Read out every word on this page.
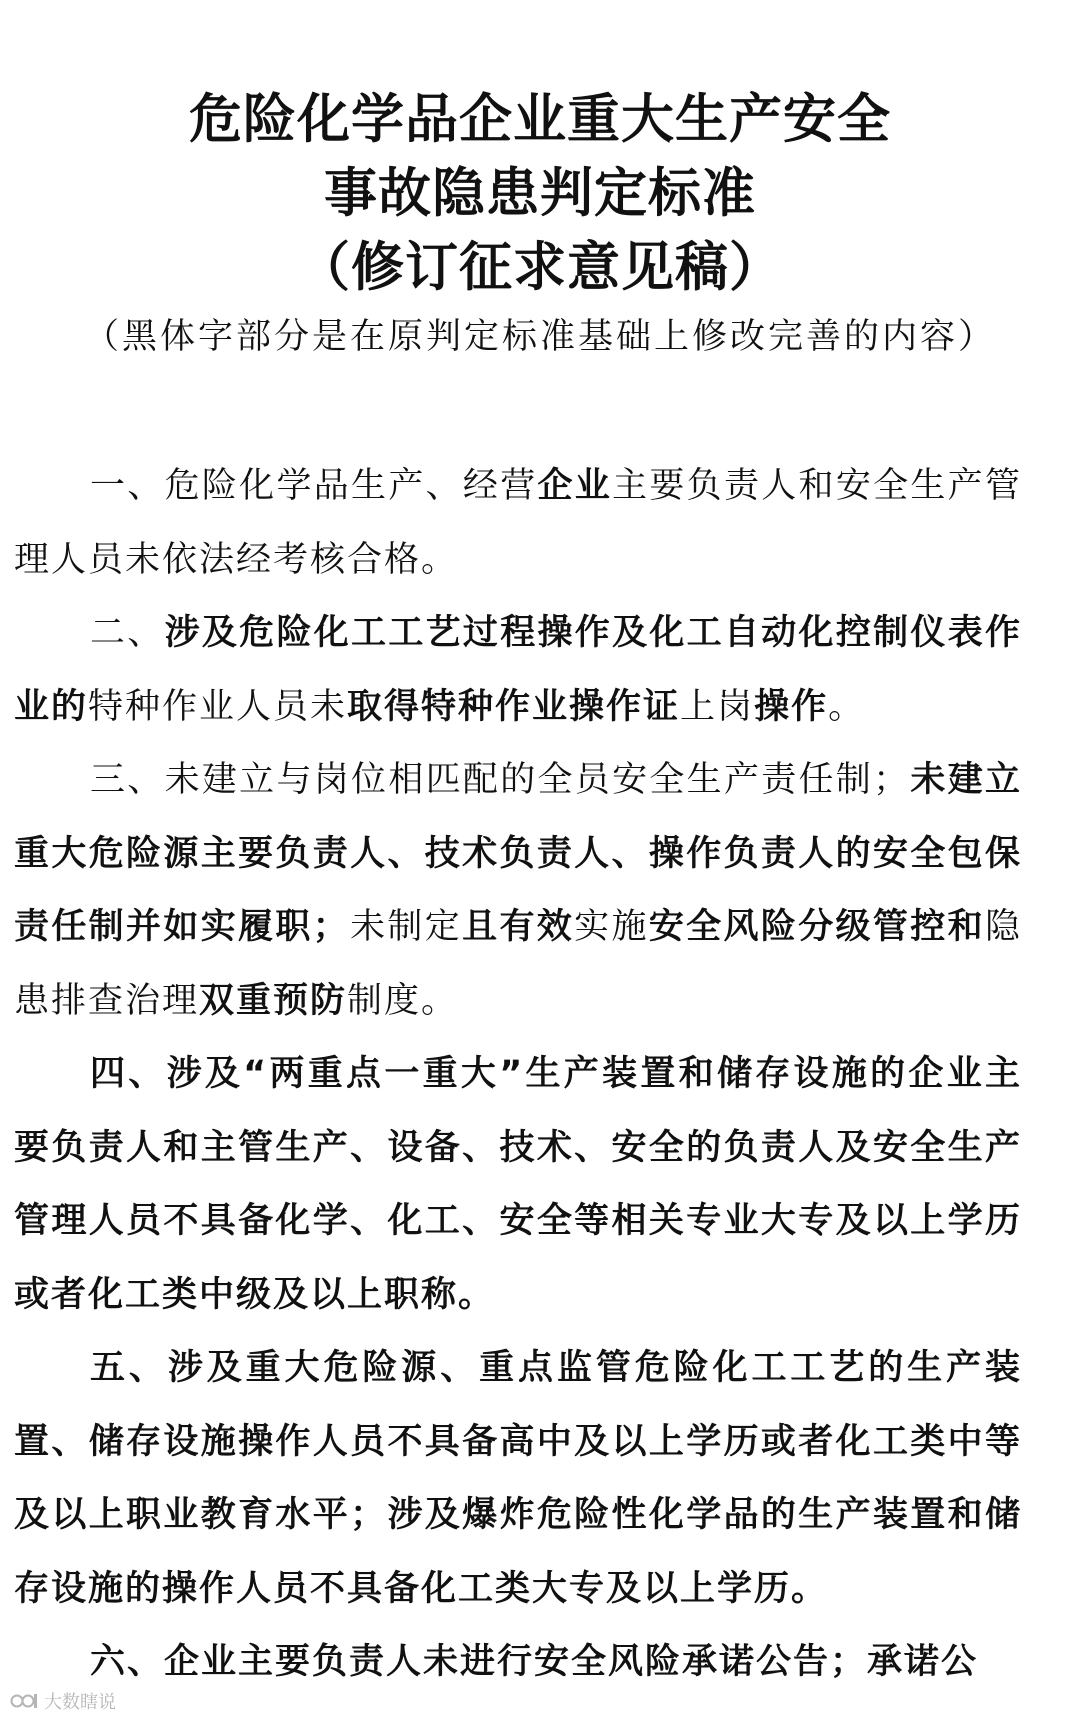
危险化学品企业重大生产安全
事故隐患判定标准
（修订征求意见稿）
（黑体字部分是在原判定标准基础上修改完善的内容）

一、危险化学品生产、经营企业主要负责人和安全生产管理人员未依法经考核合格。

二、涉及危险化工工艺过程操作及化工自动化控制仪表作业的特种作业人员未取得特种作业操作证上岗操作。

三、未建立与岗位相匹配的全员安全生产责任制；未建立重大危险源主要负责人、技术负责人、操作负责人的安全包保责任制并如实履职；未制定且有效实施安全风险分级管控和隐患排查治理双重预防制度。

四、涉及“两重点一重大”生产装置和储存设施的企业主要负责人和主管生产、设备、技术、安全的负责人及安全生产管理人员不具备化学、化工、安全等相关专业大专及以上学历或者化工类中级及以上职称。

五、涉及重大危险源、重点监管危险化工工艺的生产装置、储存设施操作人员不具备高中及以上学历或者化工类中等及以上职业教育水平；涉及爆炸危险性化学品的生产装置和储存设施的操作人员不具备化工类大专及以上学历。

六、企业主要负责人未进行安全风险承诺公告；承诺公

大数瞎说
